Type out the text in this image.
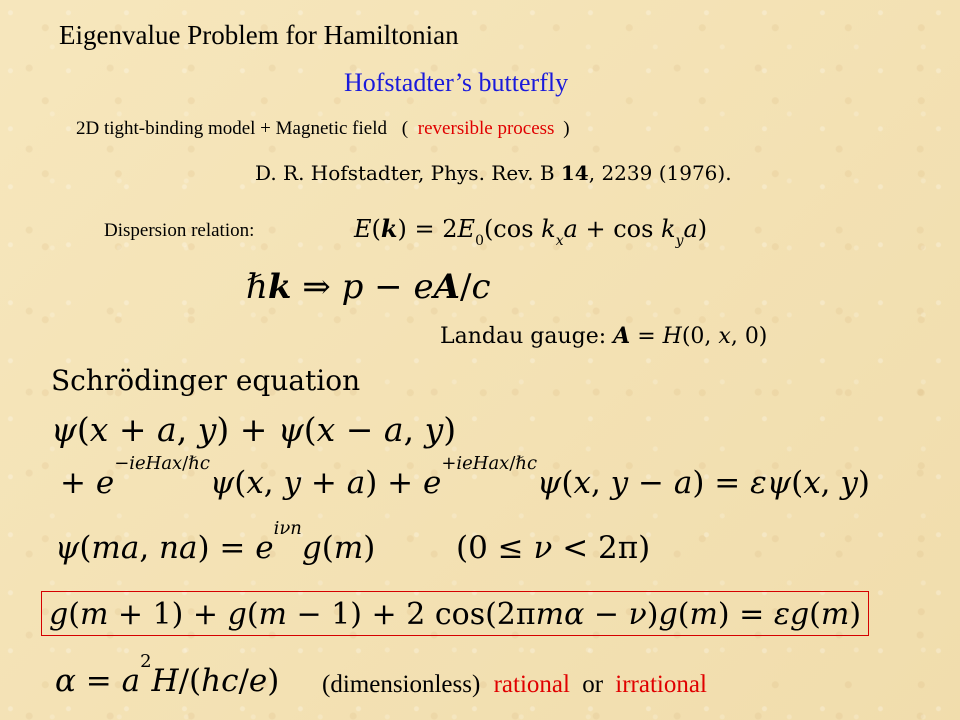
Eigenvalue Problem for Hamiltonian
Hofstadter’s butterfly
2D tight-binding model + Magnetic field ( reversible process )
D. R. Hofstadter, Phys. Rev. B 14, 2239 (1976).
Dispersion relation:	$E(k) = 2E_0(\cos$ $k_xa + \cos k_ya$)
ℏk ⇒ p − eA/c
Landau gauge: A = H(0, x, 0)
Schrödinger equation
ψ(x + a, y) + ψ(x − a, y)
+ $e^{-ieHax/\hbar c}\psi(x$, $y + a) + e^{+ieHax/\hbar c}\psi(x$, y − a) = εψ(x, y)
ψ(ma, $na) = e^{i\nu n}g(m)$	(0 ≤ ν < 2π)
g(m + 1) + g(m − 1) + 2 cos(2πmα − ν)g(m) = εg(m)
$\alpha = a^2H/(hc/e)$ (dimensionless) rational or irrational
